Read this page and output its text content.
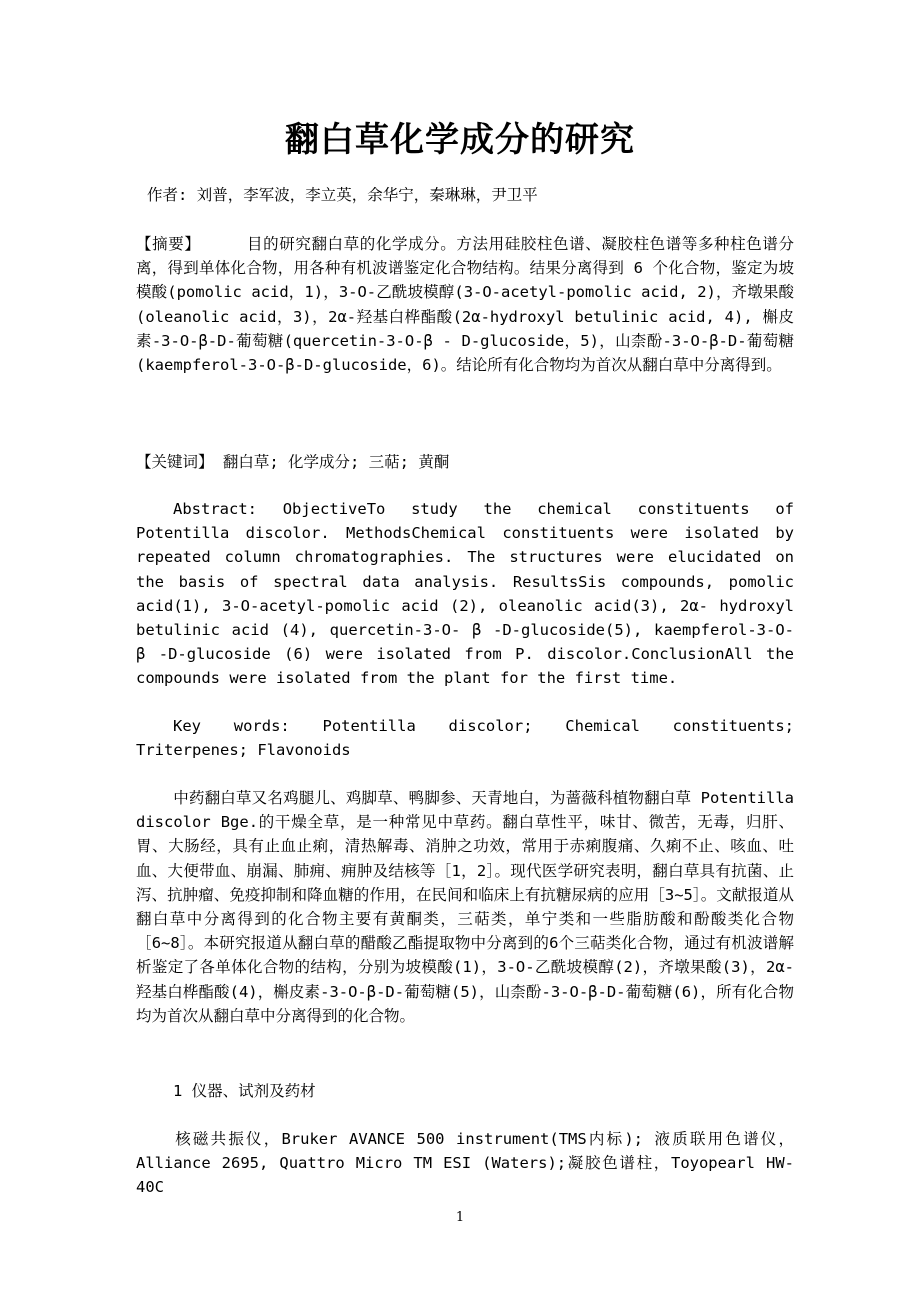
翻白草化学成分的研究

作者: 刘普，李军波，李立英，余华宁，秦琳琳，尹卫平

【摘要】	目的研究翻白草的化学成分。方法用硅胶柱色谱、凝胶柱色谱等多种柱色谱分离，得到单体化合物，用各种有机波谱鉴定化合物结构。结果分离得到 6 个化合物，鉴定为坡模酸(pomolic acid，1)，3-O-乙酰坡模醇(3-O-acetyl-pomolic acid, 2)，齐墩果酸(oleanolic acid，3)，2α-羟基白桦酯酸(2α-hydroxyl betulinic acid, 4), 槲皮素-3-O-β-D-葡萄糖(quercetin-3-O-β - D-glucoside，5)，山柰酚-3-O-β-D-葡萄糖(kaempferol-3-O-β-D-glucoside，6)。结论所有化合物均为首次从翻白草中分离得到。

【关键词】 翻白草; 化学成分; 三萜; 黄酮

Abstract: ObjectiveTo study the chemical constituents of Potentilla discolor. MethodsChemical constituents were isolated by repeated column chromatographies. The structures were elucidated on the basis of spectral data analysis. ResultsSis compounds, pomolic acid(1), 3-O-acetyl-pomolic acid (2), oleanolic acid(3), 2α- hydroxyl betulinic acid (4), quercetin-3-O- β -D-glucoside(5), kaempferol-3-O- β -D-glucoside (6) were isolated from P. discolor.ConclusionAll the compounds were isolated from the plant for the first time.

Key words: Potentilla discolor; Chemical constituents; Triterpenes; Flavonoids

中药翻白草又名鸡腿儿、鸡脚草、鸭脚参、天青地白，为蔷薇科植物翻白草 Potentilla discolor Bge.的干燥全草，是一种常见中草药。翻白草性平，味甘、微苦，无毒，归肝、胃、大肠经，具有止血止痢，清热解毒、消肿之功效，常用于赤痢腹痛、久痢不止、咳血、吐血、大便带血、崩漏、肺痈、痈肿及结核等［1，2］。现代医学研究表明，翻白草具有抗菌、止泻、抗肿瘤、免疫抑制和降血糖的作用，在民间和临床上有抗糖尿病的应用［3~5］。文献报道从翻白草中分离得到的化合物主要有黄酮类，三萜类，单宁类和一些脂肪酸和酚酸类化合物［6~8］。本研究报道从翻白草的醋酸乙酯提取物中分离到的6个三萜类化合物，通过有机波谱解析鉴定了各单体化合物的结构，分别为坡模酸(1)，3-O-乙酰坡模醇(2)，齐墩果酸(3)，2α-羟基白桦酯酸(4)，槲皮素-3-O-β-D-葡萄糖(5)，山柰酚-3-O-β-D-葡萄糖(6)，所有化合物均为首次从翻白草中分离得到的化合物。

1 仪器、试剂及药材

核磁共振仪，Bruker AVANCE 500 instrument(TMS内标); 液质联用色谱仪，Alliance 2695, Quattro Micro TM ESI (Waters);凝胶色谱柱，Toyopearl HW-40C

1
